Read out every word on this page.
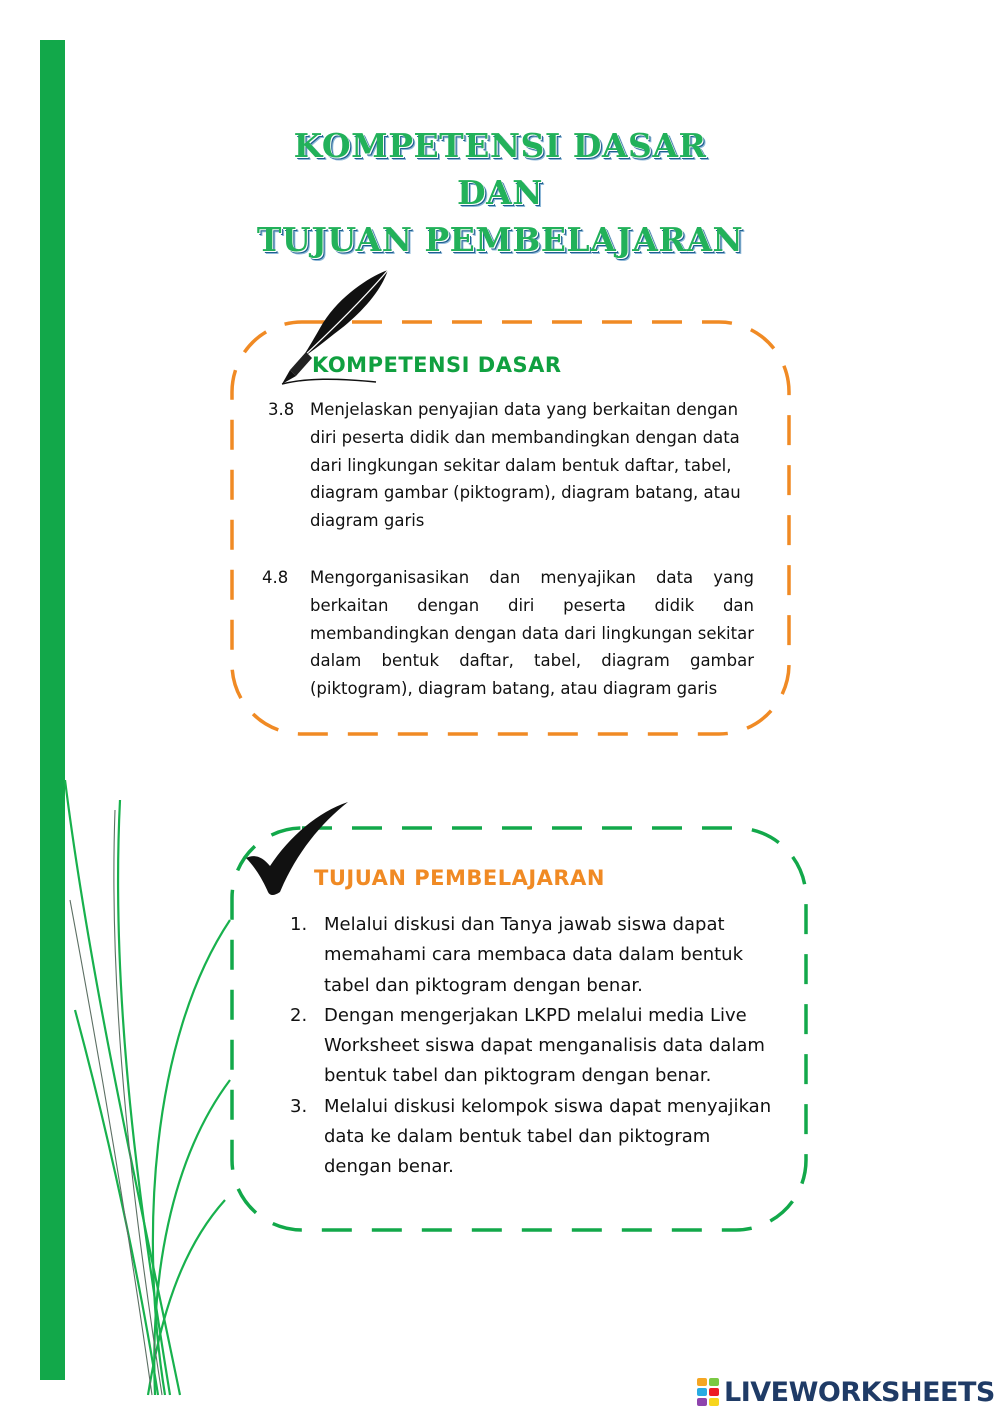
KOMPETENSI DASAR
DAN
TUJUAN PEMBELAJARAN
KOMPETENSI DASAR
3.8 Menjelaskan penyajian data yang berkaitan dengan diri peserta didik dan membandingkan dengan data dari lingkungan sekitar dalam bentuk daftar, tabel, diagram gambar (piktogram), diagram batang, atau diagram garis
4.8 Mengorganisasikan dan menyajikan data yang berkaitan dengan diri peserta didik dan membandingkan dengan data dari lingkungan sekitar dalam bentuk daftar, tabel, diagram gambar (piktogram), diagram batang, atau diagram garis
TUJUAN PEMBELAJARAN
1. Melalui diskusi dan Tanya jawab siswa dapat memahami cara membaca data dalam bentuk tabel dan piktogram dengan benar.
2. Dengan mengerjakan LKPD melalui media Live Worksheet siswa dapat menganalisis data dalam bentuk tabel dan piktogram dengan benar.
3. Melalui diskusi kelompok siswa dapat menyajikan data ke dalam bentuk tabel dan piktogram dengan benar.
LIVEWORKSHEETS
